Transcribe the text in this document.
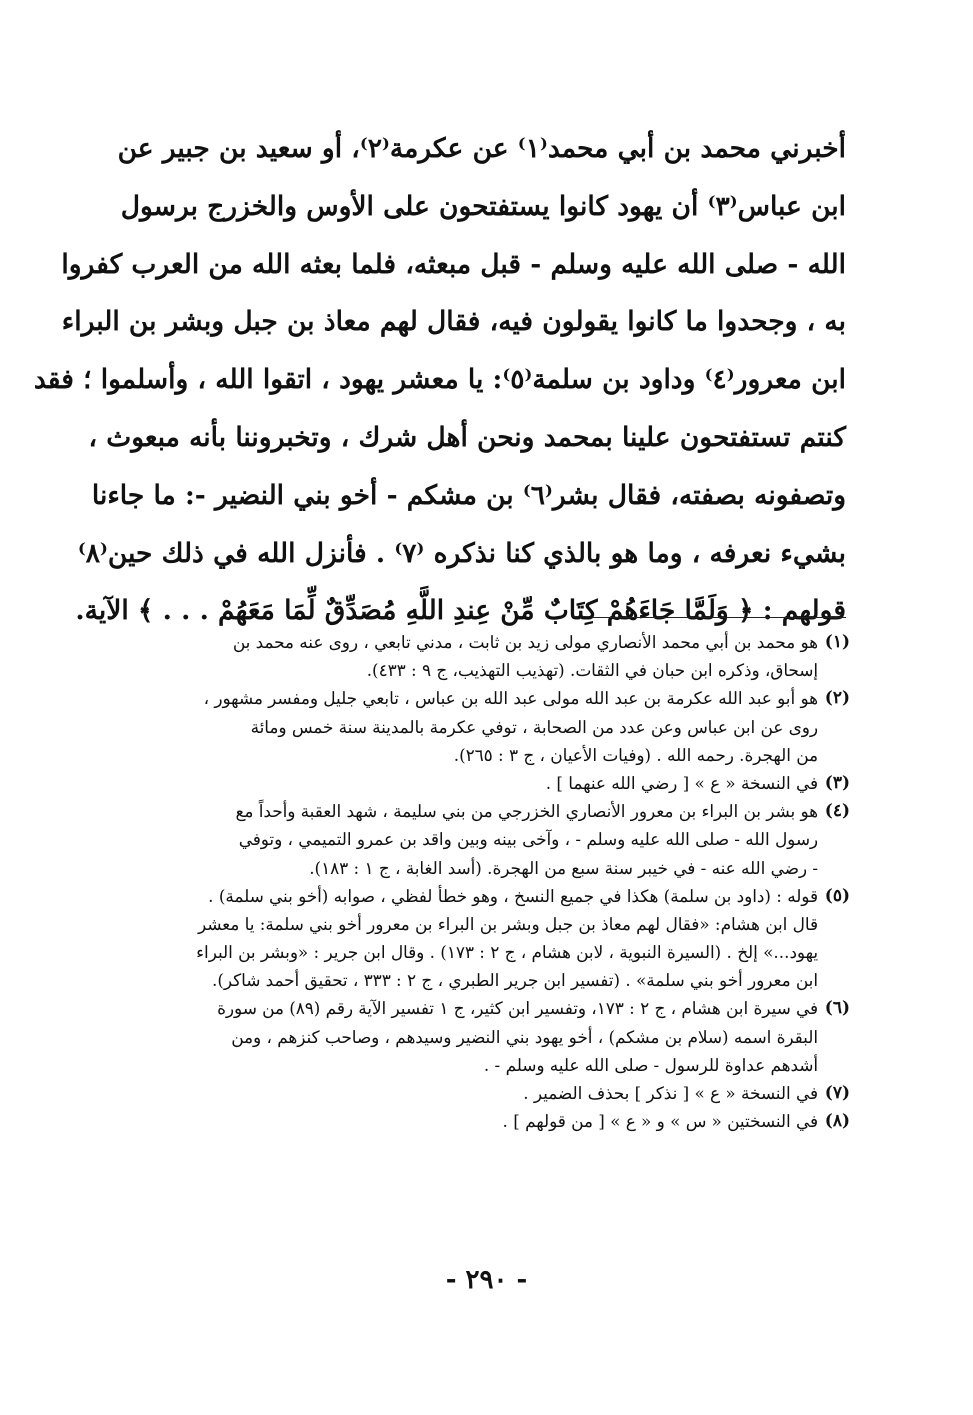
أخبرني محمد بن أبي محمد⁽١⁾ عن عكرمة⁽٢⁾، أو سعيد بن جبير عن
ابن عباس⁽٣⁾ أن يهود كانوا يستفتحون على الأوس والخزرج برسول
الله - صلى الله عليه وسلم - قبل مبعثه، فلما بعثه الله من العرب كفروا
به ، وجحدوا ما كانوا يقولون فيه، فقال لهم معاذ بن جبل وبشر بن البراء
ابن معرور⁽٤⁾ وداود بن سلمة⁽٥⁾: يا معشر يهود ، اتقوا الله ، وأسلموا ؛ فقد
كنتم تستفتحون علينا بمحمد ونحن أهل شرك ، وتخبروننا بأنه مبعوث ،
وتصفونه بصفته، فقال بشر⁽٦⁾ بن مشكم - أخو بني النضير -: ما جاءنا
بشيء نعرفه ، وما هو بالذي كنا نذكره ⁽٧⁾ . فأنزل الله في ذلك حين⁽٨⁾
قولهم : ﴿ وَلَمَّا جَاءَهُمْ كِتَابٌ مِّنْ عِندِ اللَّهِ مُصَدِّقٌ لِّمَا مَعَهُمْ . . . ﴾ الآية.
(١)
هو محمد بن أبي محمد الأنصاري مولى زيد بن ثابت ، مدني تابعي ، روى عنه محمد بن
إسحاق، وذكره ابن حبان في الثقات. (تهذيب التهذيب، ج ٩ : ٤٣٣).
(٢)
هو أبو عبد الله عكرمة بن عبد الله مولى عبد الله بن عباس ، تابعي جليل ومفسر مشهور ،
روى عن ابن عباس وعن عدد من الصحابة ، توفي عكرمة بالمدينة سنة خمس ومائة
من الهجرة. رحمه الله . (وفيات الأعيان ، ج ٣ : ٢٦٥).
(٣)
في النسخة « ع » [ رضي الله عنهما ] .
(٤)
هو بشر بن البراء بن معرور الأنصاري الخزرجي من بني سليمة ، شهد العقبة وأحداً مع
رسول الله - صلى الله عليه وسلم - ، وآخى بينه وبين واقد بن عمرو التميمي ، وتوفي
- رضي الله عنه - في خيبر سنة سبع من الهجرة. (أسد الغابة ، ج ١ : ١٨٣).
(٥)
قوله : (داود بن سلمة) هكذا في جميع النسخ ، وهو خطأ لفظي ، صوابه (أخو بني سلمة) .
قال ابن هشام: «فقال لهم معاذ بن جبل وبشر بن البراء بن معرور أخو بني سلمة: يا معشر
يهود...» إلخ . (السيرة النبوية ، لابن هشام ، ج ٢ : ١٧٣) . وقال ابن جرير : «وبشر بن البراء
ابن معرور أخو بني سلمة» . (تفسير ابن جرير الطبري ، ج ٢ : ٣٣٣ ، تحقيق أحمد شاكر).
(٦)
في سيرة ابن هشام ، ج ٢ : ١٧٣، وتفسير ابن كثير، ج ١ تفسير الآية رقم (٨٩) من سورة
البقرة اسمه (سلام بن مشكم) ، أخو يهود بني النضير وسيدهم ، وصاحب كنزهم ، ومن
أشدهم عداوة للرسول - صلى الله عليه وسلم - .
(٧)
في النسخة « ع » [ نذكر ] بحذف الضمير .
(٨)
في النسختين « س » و « ع » [ من قولهم ] .
- ٢٩٠ -
